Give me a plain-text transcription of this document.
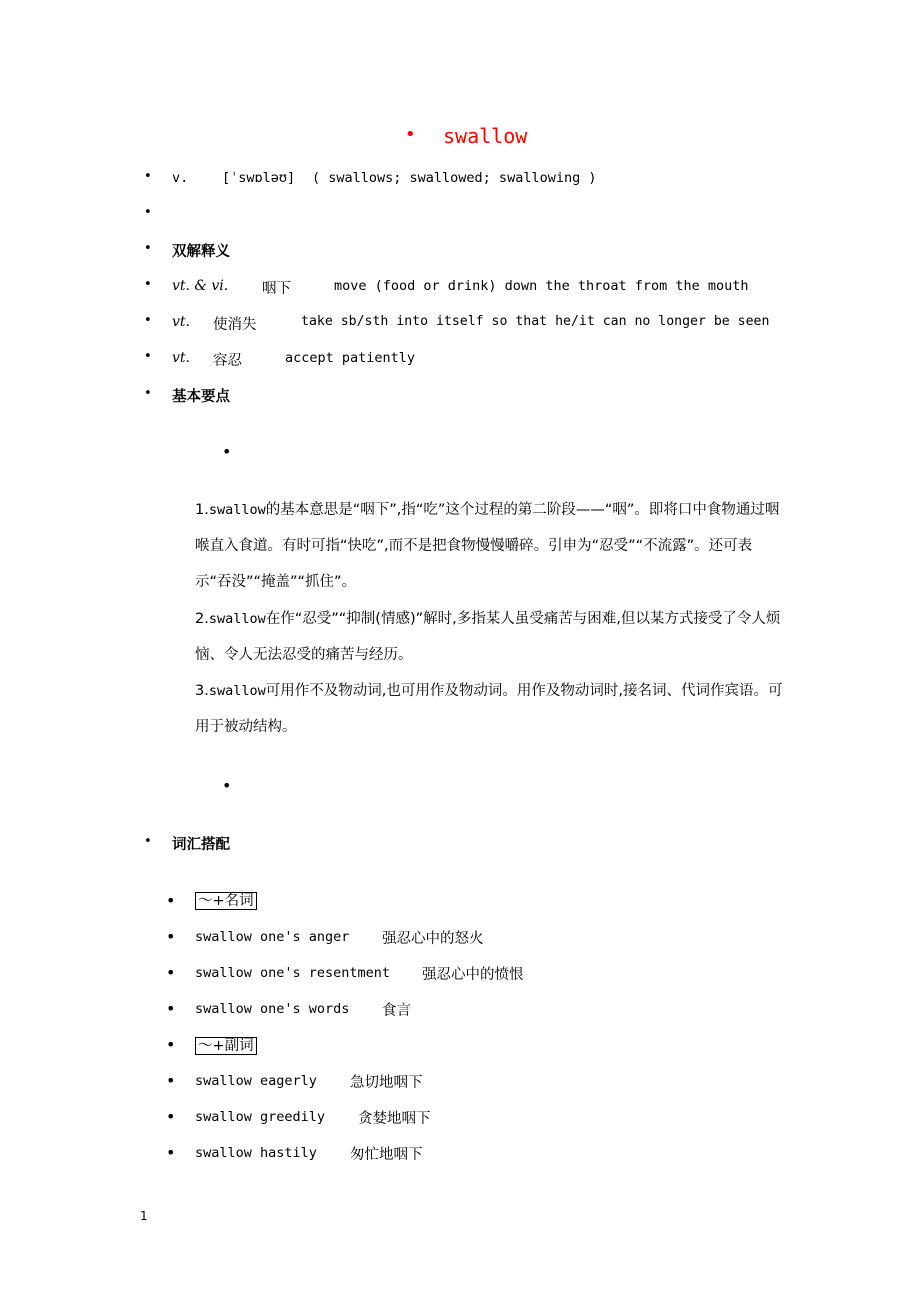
• swallow
• v. [ˈswɒləʊ] ( swallows; swallowed; swallowing )
•
• 双解释义
• vt. & vi. 咽下	move (food or drink) down the throat from the mouth
• vt. 使消失	take sb/sth into itself so that he/it can no longer be seen
• vt. 容忍	accept patiently
• 基本要点
•
1.swallow的基本意思是“咽下”,指“吃”这个过程的第二阶段——“咽”。即将口中食物通过咽喉直入食道。有时可指“快吃”,而不是把食物慢慢嚼碎。引申为“忍受”“不流露”。还可表示“吞没”“掩盖”“抓住”。
2.swallow在作“忍受”“抑制(情感)”解时,多指某人虽受痛苦与困难,但以某方式接受了令人烦恼、令人无法忍受的痛苦与经历。
3.swallow可用作不及物动词,也可用作及物动词。用作及物动词时,接名词、代词作宾语。可用于被动结构。
•
• 词汇搭配
• ～+名词
• swallow one's anger 强忍心中的怒火
• swallow one's resentment 强忍心中的愤恨
• swallow one's words 食言
• ～+副词
• swallow eagerly 急切地咽下
• swallow greedily 贪婪地咽下
• swallow hastily 匆忙地咽下
1
